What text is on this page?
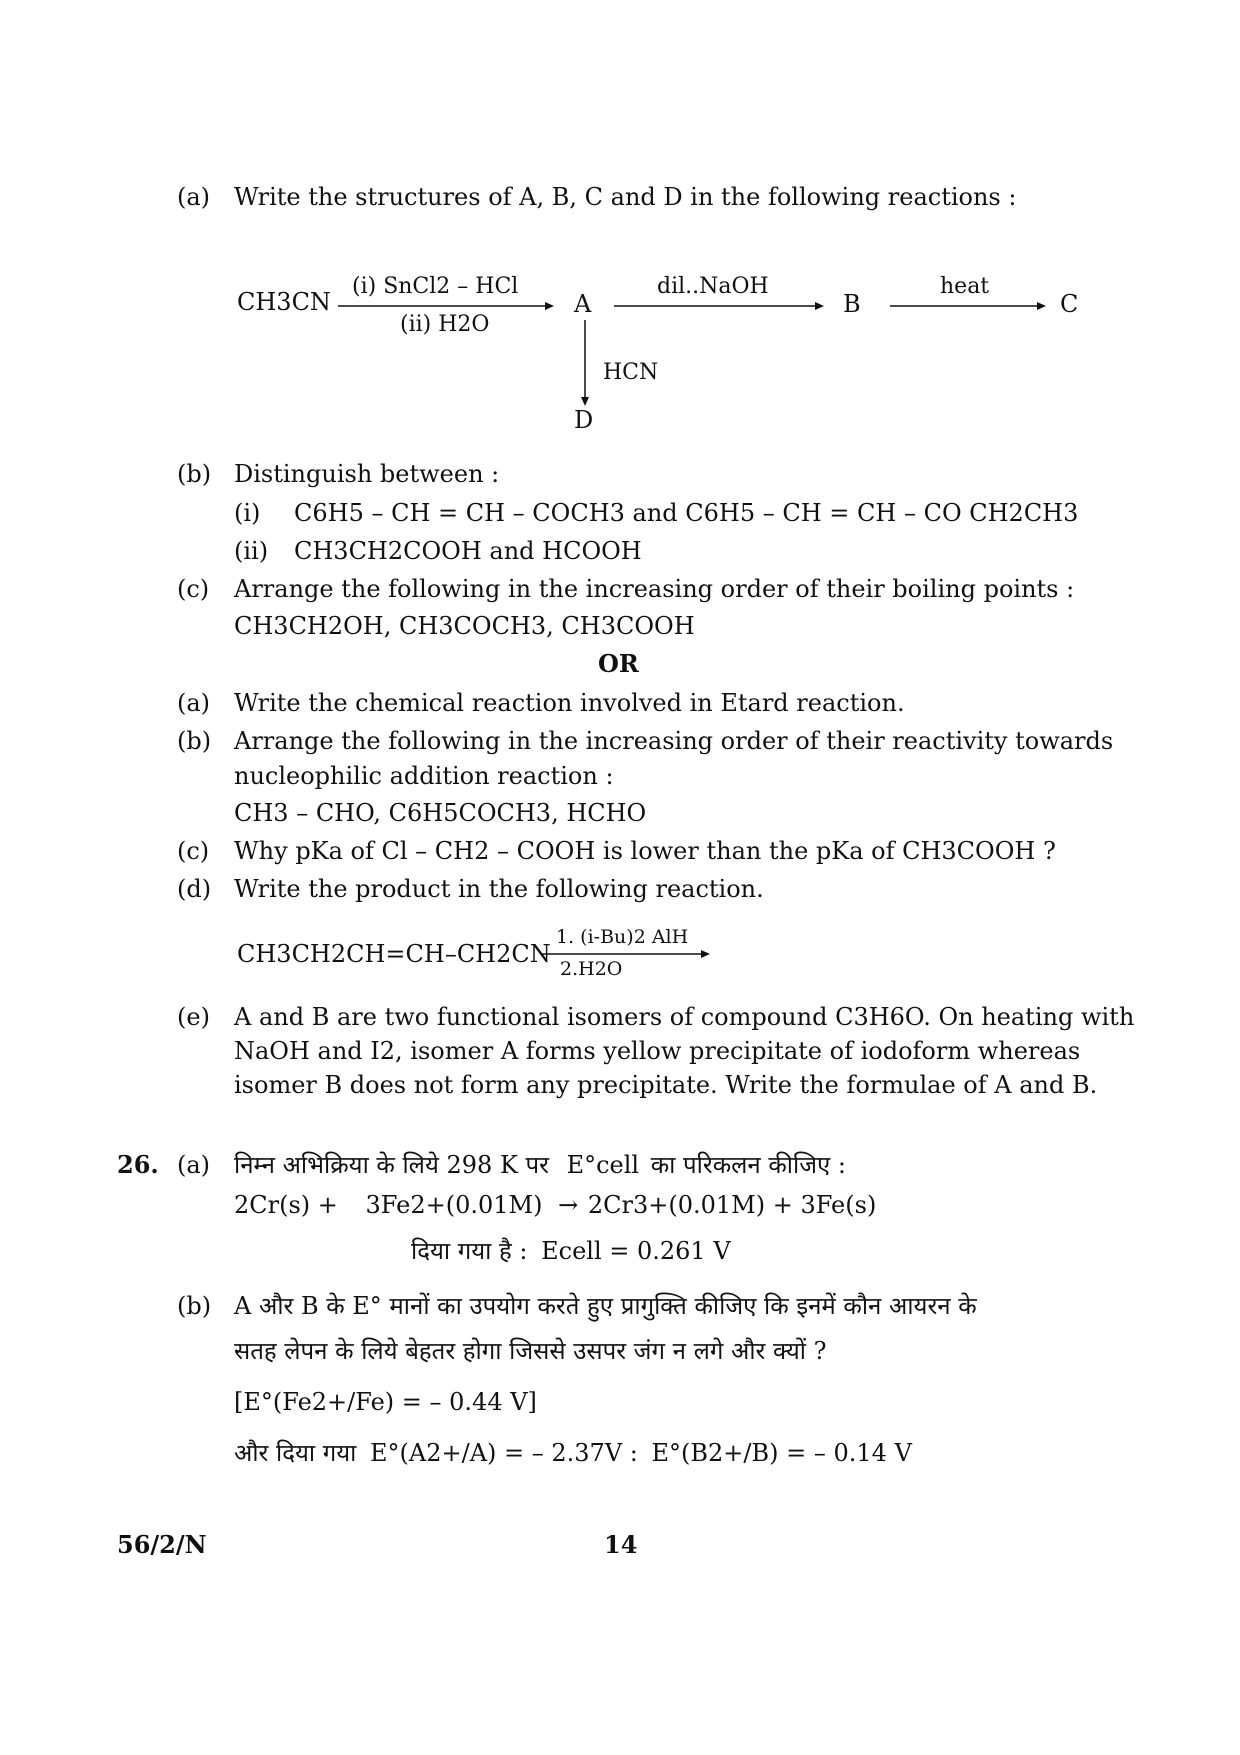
(a) Write the structures of A, B, C and D in the following reactions :
CH3CN
(i) SnCl2 – HCl
(ii) H2O
A
dil..NaOH
B
heat
C
HCN
D
(b) Distinguish between :
(i) C6H5 – CH = CH – COCH3 and C6H5 – CH = CH – CO CH2CH3
(ii) CH3CH2COOH and HCOOH
(c) Arrange the following in the increasing order of their boiling points :
CH3CH2OH, CH3COCH3, CH3COOH
OR
(a) Write the chemical reaction involved in Etard reaction.
(b) Arrange the following in the increasing order of their reactivity towards
nucleophilic addition reaction :
CH3 – CHO, C6H5COCH3, HCHO
(c) Why pKa of Cl – CH2 – COOH is lower than the pKa of CH3COOH ?
(d) Write the product in the following reaction.
CH3CH2CH=CH–CH2CN
1. (i-Bu)2 AlH
2.H2O
(e) A and B are two functional isomers of compound C3H6O. On heating with
NaOH and I2, isomer A forms yellow precipitate of iodoform whereas
isomer B does not form any precipitate. Write the formulae of A and B.
26. (a) निम्न अभिक्रिया के लिये 298 K पर E°cell का परिकलन कीजिए :
2Cr(s) + 3Fe2+(0.01M) → 2Cr3+(0.01M) + 3Fe(s)
दिया गया है : Ecell = 0.261 V
(b) A और B के E° मानों का उपयोग करते हुए प्रागुक्ति कीजिए कि इनमें कौन आयरन के
सतह लेपन के लिये बेहतर होगा जिससे उसपर जंग न लगे और क्यों ?
[E°(Fe2+/Fe) = – 0.44 V]
और दिया गया E°(A2+/A) = – 2.37V : E°(B2+/B) = – 0.14 V
56/2/N	14
